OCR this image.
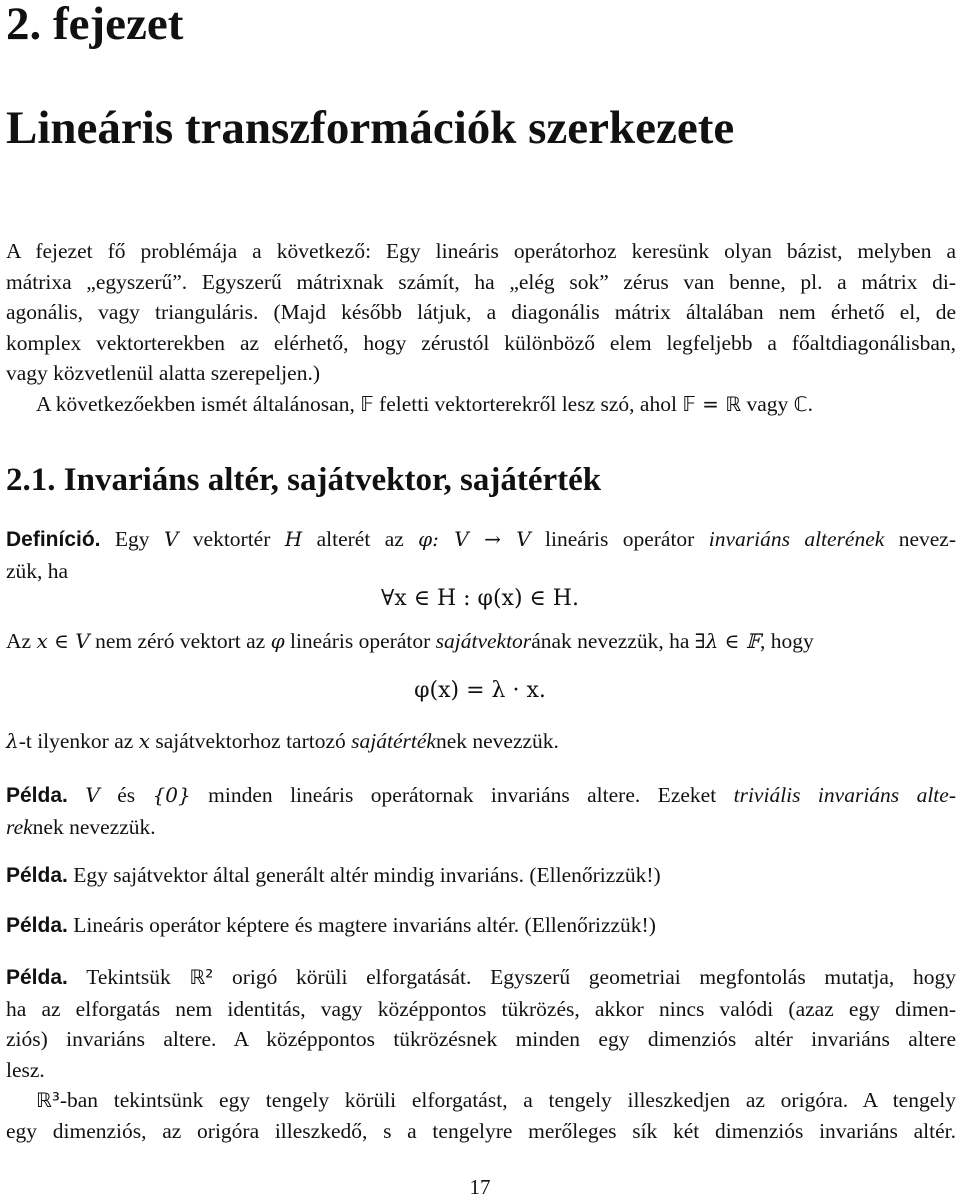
2. fejezet
Lineáris transzformációk szerkezete
A fejezet fő problémája a következő: Egy lineáris operátorhoz keresünk olyan bázist, melyben a
mátrixa „egyszerű”. Egyszerű mátrixnak számít, ha „elég sok” zérus van benne, pl. a mátrix di-
agonális, vagy trianguláris. (Majd később látjuk, a diagonális mátrix általában nem érhető el, de
komplex vektorterekben az elérhető, hogy zérustól különböző elem legfeljebb a főaltdiagonálisban,
vagy közvetlenül alatta szerepeljen.)
A következőekben ismét általánosan, 𝔽 feletti vektorterekről lesz szó, ahol 𝔽 = ℝ vagy ℂ.
2.1. Invariáns altér, sajátvektor, sajátérték
Definíció. Egy V vektortér H alterét az φ: V → V lineáris operátor invariáns alterének nevez-
zük, ha
∀x ∈ H : φ(x) ∈ H.
Az x ∈ V nem zéró vektort az φ lineáris operátor sajátvektorának nevezzük, ha ∃λ ∈ 𝔽, hogy
φ(x) = λ · x.
λ-t ilyenkor az x sajátvektorhoz tartozó sajátértéknek nevezzük.
Példa. V és {0} minden lineáris operátornak invariáns altere. Ezeket triviális invariáns alte-
reknek nevezzük.
Példa. Egy sajátvektor által generált altér mindig invariáns. (Ellenőrizzük!)
Példa. Lineáris operátor képtere és magtere invariáns altér. (Ellenőrizzük!)
Példa. Tekintsük ℝ² origó körüli elforgatását. Egyszerű geometriai megfontolás mutatja, hogy
ha az elforgatás nem identitás, vagy középpontos tükrözés, akkor nincs valódi (azaz egy dimen-
ziós) invariáns altere. A középpontos tükrözésnek minden egy dimenziós altér invariáns altere
lesz.
ℝ³-ban tekintsünk egy tengely körüli elforgatást, a tengely illeszkedjen az origóra. A tengely
egy dimenziós, az origóra illeszkedő, s a tengelyre merőleges sík két dimenziós invariáns altér.
17
